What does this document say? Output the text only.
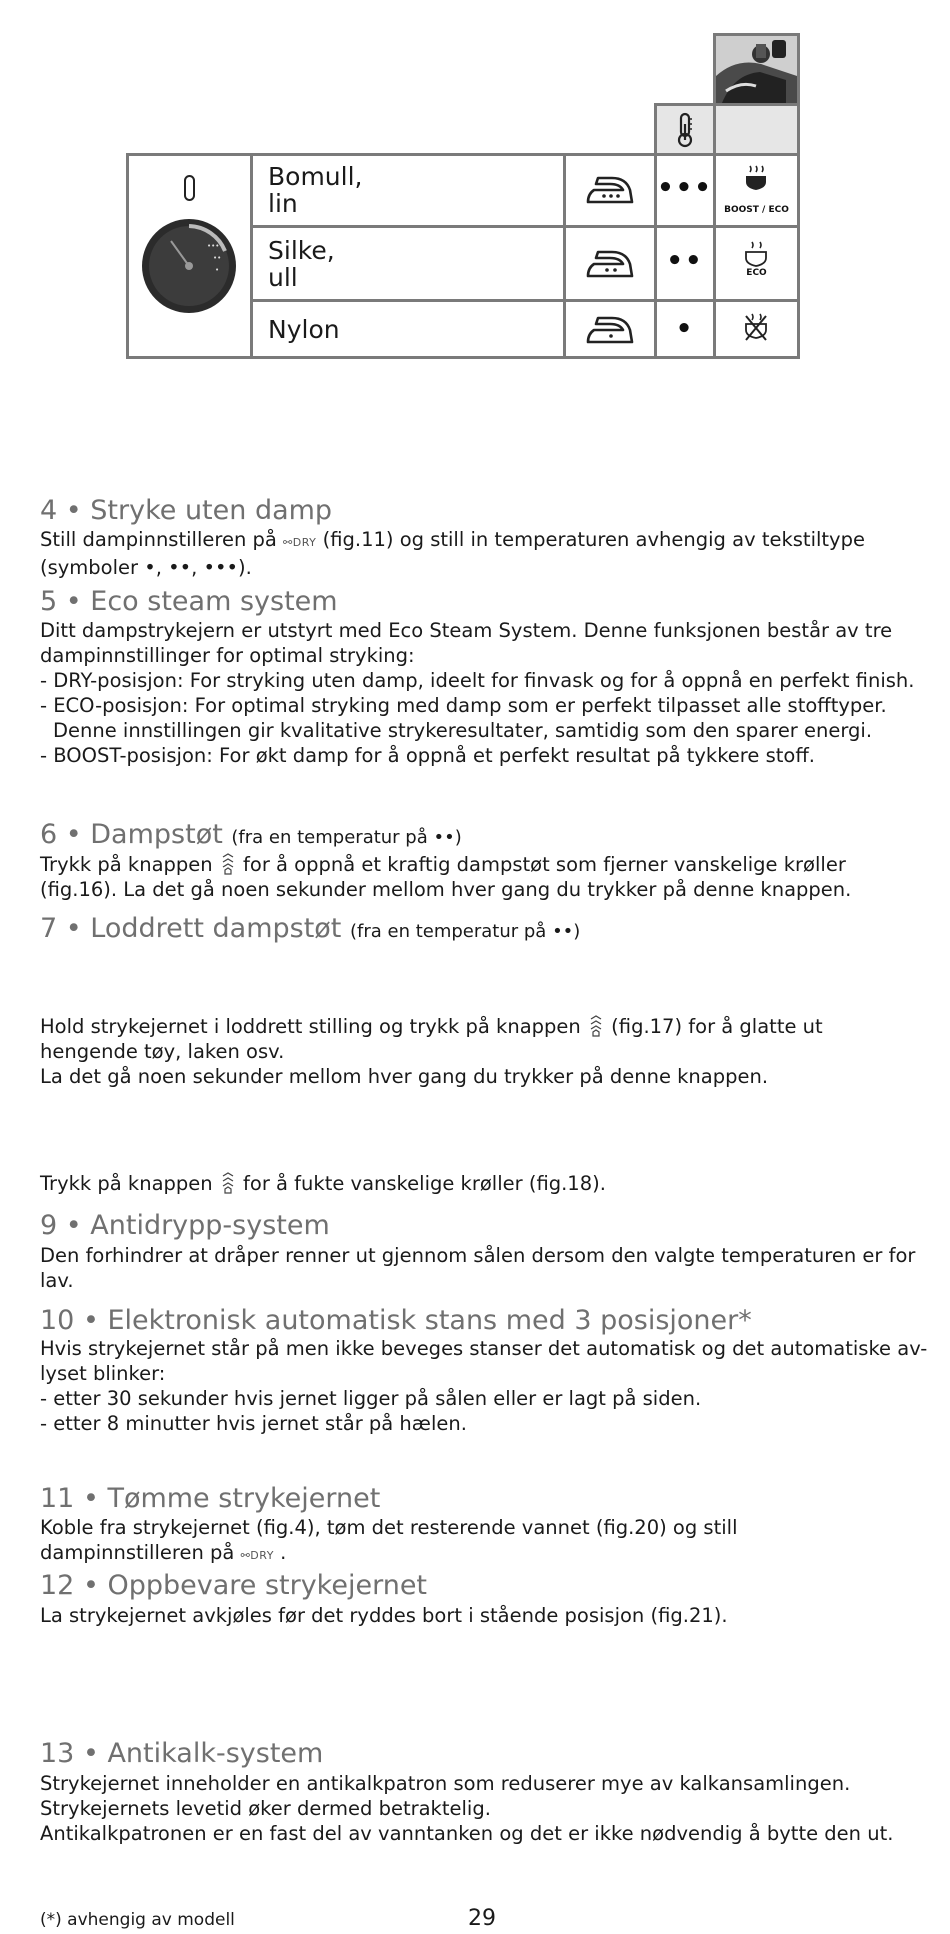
•••
••
•
Bomull,
lin
Silke,
ull
Nylon
•••
••
•
BOOST / ECO
ECO
4 • Stryke uten damp
Still dampinnstilleren på ⚯DRY (fig.11) og still in temperaturen avhengig av tekstiltype
(symboler •, ••, •••).
5 • Eco steam system
Ditt dampstrykejern er utstyrt med Eco Steam System. Denne funksjonen består av tre dampinnstillinger for optimal stryking:
- DRY-posisjon: For stryking uten damp, ideelt for finvask og for å oppnå en perfekt finish.
- ECO-posisjon: For optimal stryking med damp som er perfekt tilpasset alle stofftyper. Denne innstillingen gir kvalitative strykeresultater, samtidig som den sparer energi.
- BOOST-posisjon: For økt damp for å oppnå et perfekt resultat på tykkere stoff.
6 • Dampstøt (fra en temperatur på ••)
Trykk på knappen  for å oppnå et kraftig dampstøt som fjerner vanskelige krøller
(fig.16). La det gå noen sekunder mellom hver gang du trykker på denne knappen.
7 • Loddrett dampstøt (fra en temperatur på ••)
Hold strykejernet i loddrett stilling og trykk på knappen  (fig.17) for å glatte ut
hengende tøy, laken osv.
La det gå noen sekunder mellom hver gang du trykker på denne knappen.
Trykk på knappen  for å fukte vanskelige krøller (fig.18).
9 • Antidrypp-system
Den forhindrer at dråper renner ut gjennom sålen dersom den valgte temperaturen er for lav.
10 • Elektronisk automatisk stans med 3 posisjoner*
Hvis strykejernet står på men ikke beveges stanser det automatisk og det automatiske av-lyset blinker:
- etter 30 sekunder hvis jernet ligger på sålen eller er lagt på siden.
- etter 8 minutter hvis jernet står på hælen.
11 • Tømme strykejernet
Koble fra strykejernet (fig.4), tøm det resterende vannet (fig.20) og still
dampinnstilleren på ⚯DRY .
12 • Oppbevare strykejernet
La strykejernet avkjøles før det ryddes bort i stående posisjon (fig.21).
13 • Antikalk-system
Strykejernet inneholder en antikalkpatron som reduserer mye av kalkansamlingen.
Strykejernets levetid øker dermed betraktelig.
Antikalkpatronen er en fast del av vanntanken og det er ikke nødvendig å bytte den ut.
(*) avhengig av modell	29
